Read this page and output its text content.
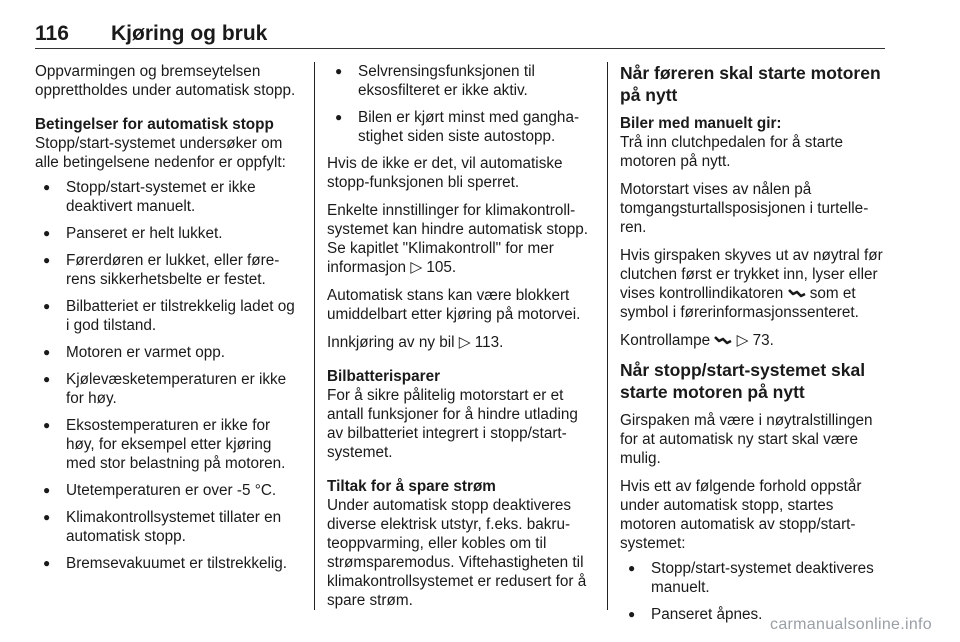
116 Kjøring og bruk

Oppvarmingen og bremseytelsen opprettholdes under automatisk stopp.

Betingelser for automatisk stopp

Stopp/start-systemet undersøker om alle betingelsene nedenfor er oppfylt:

● Stopp/start-systemet er ikke deaktivert manuelt.
● Panseret er helt lukket.
● Førerdøren er lukket, eller førerens sikkerhetsbelte er festet.
● Bilbatteriet er tilstrekkelig ladet og i god tilstand.
● Motoren er varmet opp.
● Kjølevæsketemperaturen er ikke for høy.
● Eksostemperaturen er ikke for høy, for eksempel etter kjøring med stor belastning på motoren.
● Utetemperaturen er over -5 °C.
● Klimakontrollsystemet tillater en automatisk stopp.
● Bremsevakuumet er tilstrekkelig.
● Selvrensingsfunksjonen til eksosfilteret er ikke aktiv.
● Bilen er kjørt minst med ganghastighet siden siste autostopp.

Hvis de ikke er det, vil automatiske stopp-funksjonen bli sperret.

Enkelte innstillinger for klimakontroll-systemet kan hindre automatisk stopp. Se kapitlet "Klimakontroll" for mer informasjon ▷ 105.

Automatisk stans kan være blokkert umiddelbart etter kjøring på motorvei.

Innkjøring av ny bil ▷ 113.

Bilbatterisparer

For å sikre pålitelig motorstart er et antall funksjoner for å hindre utlading av bilbatteriet integrert i stopp/start-systemet.

Tiltak for å spare strøm

Under automatisk stopp deaktiveres diverse elektrisk utstyr, f.eks. bakruteoppvarming, eller kobles om til strømsparemodus. Viftehastigheten til klimakontrollsystemet er redusert for å spare strøm.

Når føreren skal starte motoren på nytt

Biler med manuelt gir:

Trå inn clutchpedalen for å starte motoren på nytt.

Motorstart vises av nålen på tomgangsturtallsposisjonen i turtelleren.

Hvis girspaken skyves ut av nøytral før clutchen først er trykket inn, lyser eller vises kontrollindikatoren som et symbol i førerinformasjonssenteret.

Kontrollampe ▷ 73.

Når stopp/start-systemet skal starte motoren på nytt

Girspaken må være i nøytralstillingen for at automatisk ny start skal være mulig.

Hvis ett av følgende forhold oppstår under automatisk stopp, startes motoren automatisk av stopp/start-systemet:

● Stopp/start-systemet deaktiveres manuelt.
● Panseret åpnes.
carmanualsonline.info
